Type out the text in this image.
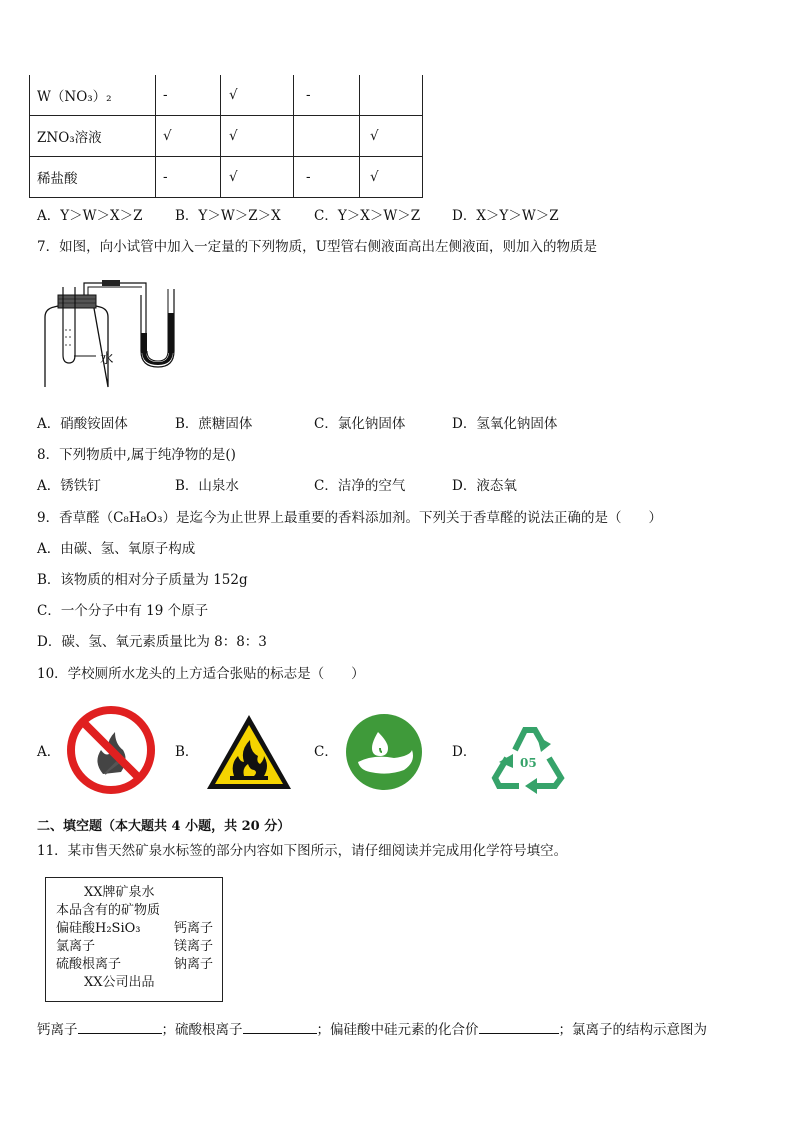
W（NO₃）₂	-	√	-	
ZNO₃溶液	√	√		√
稀盐酸	-	√	-	√
A．Y＞W＞X＞Z B．Y＞W＞Z＞X C．Y＞X＞W＞Z D．X＞Y＞W＞Z
7．如图，向小试管中加入一定量的下列物质，U型管右侧液面高出左侧液面，则加入的物质是
水
A．硝酸铵固体	B．蔗糖固体	C．氯化钠固体	D．氢氧化钠固体
8．下列物质中,属于纯净物的是()
A．锈铁钉	B．山泉水	C．洁净的空气	D．液态氧
9．香草醛（C₈H₈O₃）是迄今为止世界上最重要的香料添加剂。下列关于香草醛的说法正确的是（　　）
A．由碳、氢、氧原子构成
B．该物质的相对分子质量为 152g
C．一个分子中有 19 个原子
D．碳、氢、氧元素质量比为 8：8：3
10．学校厕所水龙头的上方适合张贴的标志是（　　）
A．	B．	C．	D．
05
二、填空题（本大题共 4 小题，共 20 分）
11．某市售天然矿泉水标签的部分内容如下图所示，请仔细阅读并完成用化学符号填空。
XX牌矿泉水
本品含有的矿物质
偏硅酸H₂SiO₃	钙离子
氯离子	镁离子
硫酸根离子	钠离子
XX公司出品
钙离子	；硫酸根离子	；偏硅酸中硅元素的化合价	；氯离子的结构示意图为
